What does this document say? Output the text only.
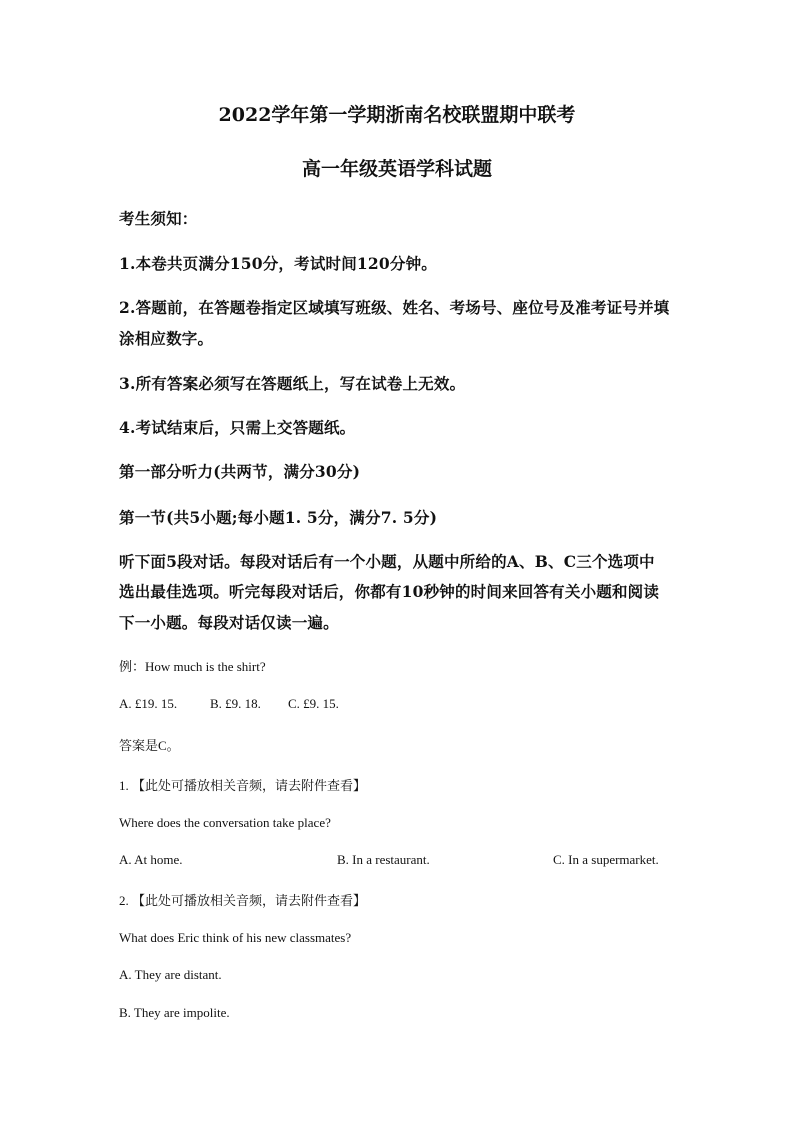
2022学年第一学期浙南名校联盟期中联考
高一年级英语学科试题
考生须知：
1.本卷共页满分150分，考试时间120分钟。
2.答题前，在答题卷指定区域填写班级、姓名、考场号、座位号及准考证号并填
涂相应数字。
3.所有答案必须写在答题纸上，写在试卷上无效。
4.考试结束后，只需上交答题纸。
第一部分听力(共两节，满分30分)
第一节(共5小题;每小题1. 5分，满分7. 5分)
听下面5段对话。每段对话后有一个小题，从题中所给的A、B、C三个选项中
选出最佳选项。听完每段对话后，你都有10秒钟的时间来回答有关小题和阅读
下一小题。每段对话仅读一遍。
例：How much is the shirt?
A. £19. 15.	B. £9. 18. C. £9. 15.
答案是C。
1. 【此处可播放相关音频，请去附件查看】
Where does the conversation take place?
A. At home.	B. In a restaurant.	C. In a supermarket.
2. 【此处可播放相关音频，请去附件查看】
What does Eric think of his new classmates?
A. They are distant.
B. They are impolite.
